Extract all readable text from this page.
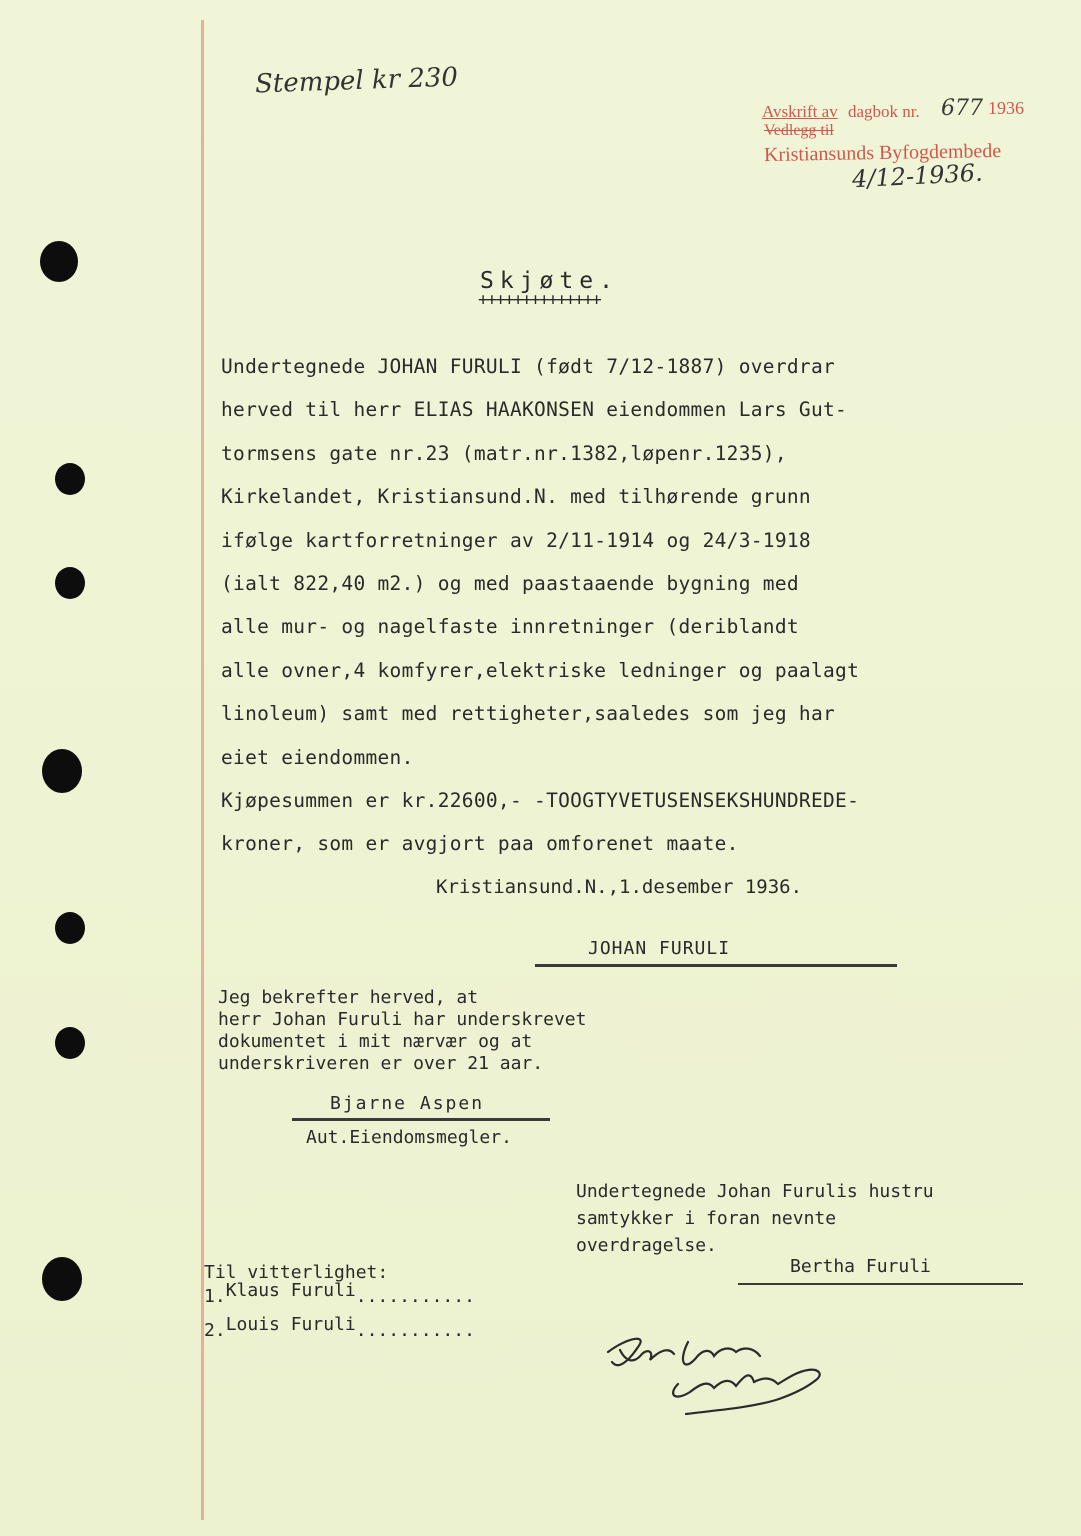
Stempel kr 230
Avskrift av dagbok nr. 677 1936
Vedlegg til
Kristiansunds Byfogdembede
4/12-1936.
Skjøte.
++++++++++++++
Undertegnede JOHAN FURULI (født 7/12-1887) overdrar
herved til herr ELIAS HAAKONSEN eiendommen Lars Gut-
tormsens gate nr.23 (matr.nr.1382,løpenr.1235),
Kirkelandet, Kristiansund.N. med tilhørende grunn
ifølge kartforretninger av 2/11-1914 og 24/3-1918
(ialt 822,40 m2.) og med paastaaende bygning med
alle mur- og nagelfaste innretninger (deriblandt
alle ovner,4 komfyrer,elektriske ledninger og paalagt
linoleum) samt med rettigheter,saaledes som jeg har
eiet eiendommen.
Kjøpesummen er kr.22600,- -TOOGTYVETUSENSEKSHUNDREDE-
kroner, som er avgjort paa omforenet maate.
Kristiansund.N.,1.desember 1936.
JOHAN FURULI
Jeg bekrefter herved, at
herr Johan Furuli har underskrevet
dokumentet i mit nærvær og at
underskriveren er over 21 aar.
Bjarne Aspen
Aut.Eiendomsmegler.
Undertegnede Johan Furulis hustru
samtykker i foran nevnte
overdragelse.
Bertha Furuli
Til vitterlighet:
1.Klaus Furuli...........
2.Louis Furuli...........
